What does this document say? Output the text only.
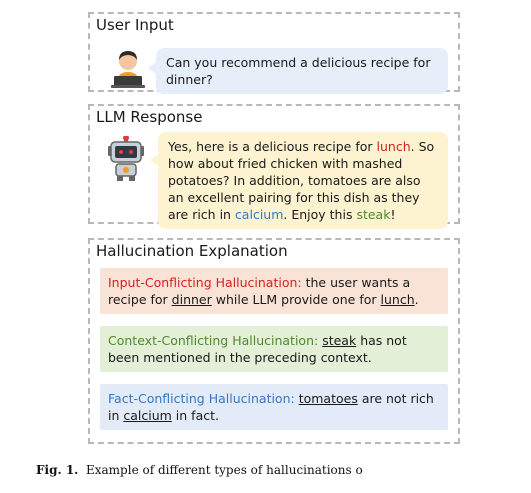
User Input
Can you recommend a delicious recipe for dinner?
LLM Response
Yes, here is a delicious recipe for lunch. So how about fried chicken with mashed potatoes? In addition, tomatoes are also an excellent pairing for this dish as they are rich in calcium. Enjoy this steak!
Hallucination Explanation
Input-Conflicting Hallucination: the user wants a recipe for dinner while LLM provide one for lunch.
Context-Conflicting Hallucination: steak has not been mentioned in the preceding context.
Fact-Conflicting Hallucination: tomatoes are not rich in calcium in fact.
Fig. 1. Example of different types of hallucinations o
